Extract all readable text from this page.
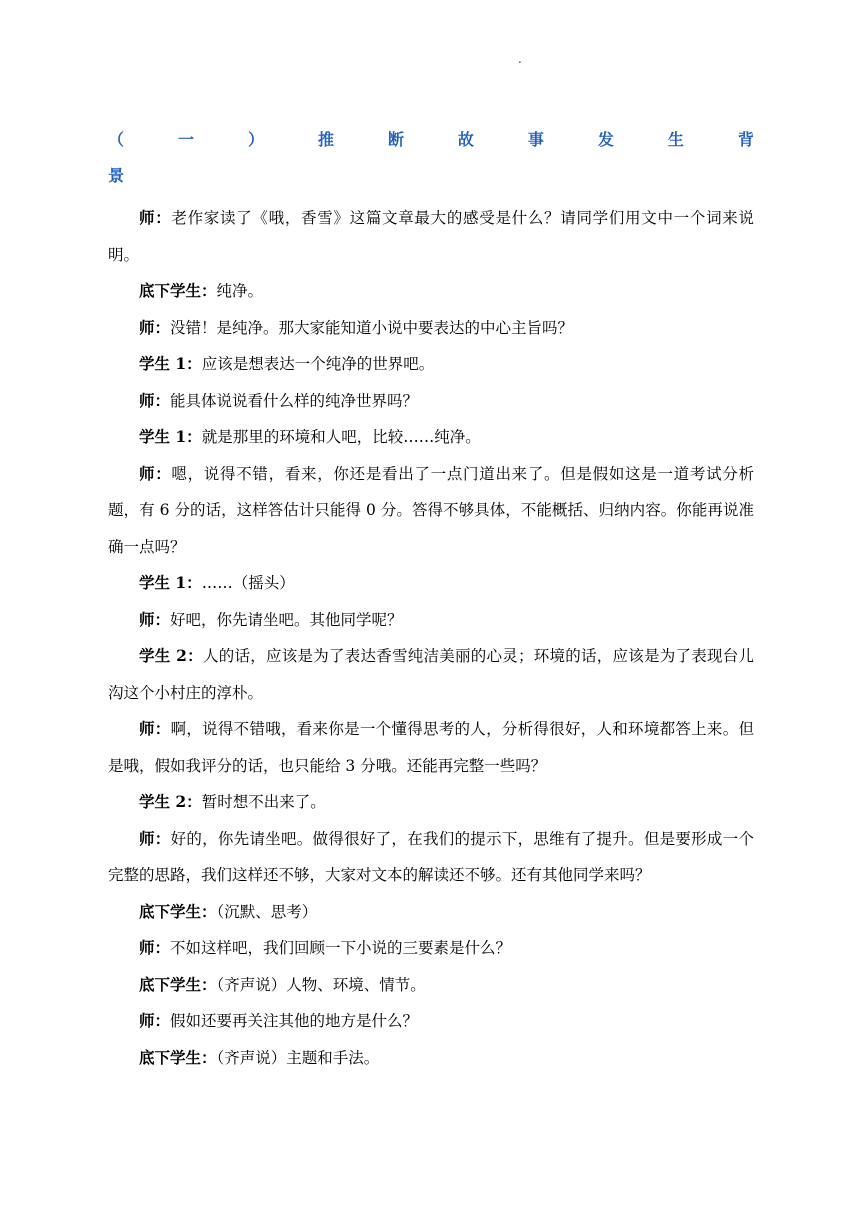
.
（	一	）	推	断	故	事	发	生	背
景

师：老作家读了《哦，香雪》这篇文章最大的感受是什么？请同学们用文中一个词来说明。

底下学生：纯净。

师：没错！是纯净。那大家能知道小说中要表达的中心主旨吗？

学生 1：应该是想表达一个纯净的世界吧。

师：能具体说说看什么样的纯净世界吗？

学生 1：就是那里的环境和人吧，比较……纯净。

师：嗯，说得不错，看来，你还是看出了一点门道出来了。但是假如这是一道考试分析题，有 6 分的话，这样答估计只能得 0 分。答得不够具体，不能概括、归纳内容。你能再说准确一点吗？

学生 1：……（摇头）

师：好吧，你先请坐吧。其他同学呢？

学生 2：人的话，应该是为了表达香雪纯洁美丽的心灵；环境的话，应该是为了表现台儿沟这个小村庄的淳朴。

师：啊，说得不错哦，看来你是一个懂得思考的人，分析得很好，人和环境都答上来。但是哦，假如我评分的话，也只能给 3 分哦。还能再完整一些吗？

学生 2：暂时想不出来了。

师：好的，你先请坐吧。做得很好了，在我们的提示下，思维有了提升。但是要形成一个完整的思路，我们这样还不够，大家对文本的解读还不够。还有其他同学来吗？

底下学生：（沉默、思考）

师：不如这样吧，我们回顾一下小说的三要素是什么？

底下学生：（齐声说）人物、环境、情节。

师：假如还要再关注其他的地方是什么？

底下学生：（齐声说）主题和手法。
